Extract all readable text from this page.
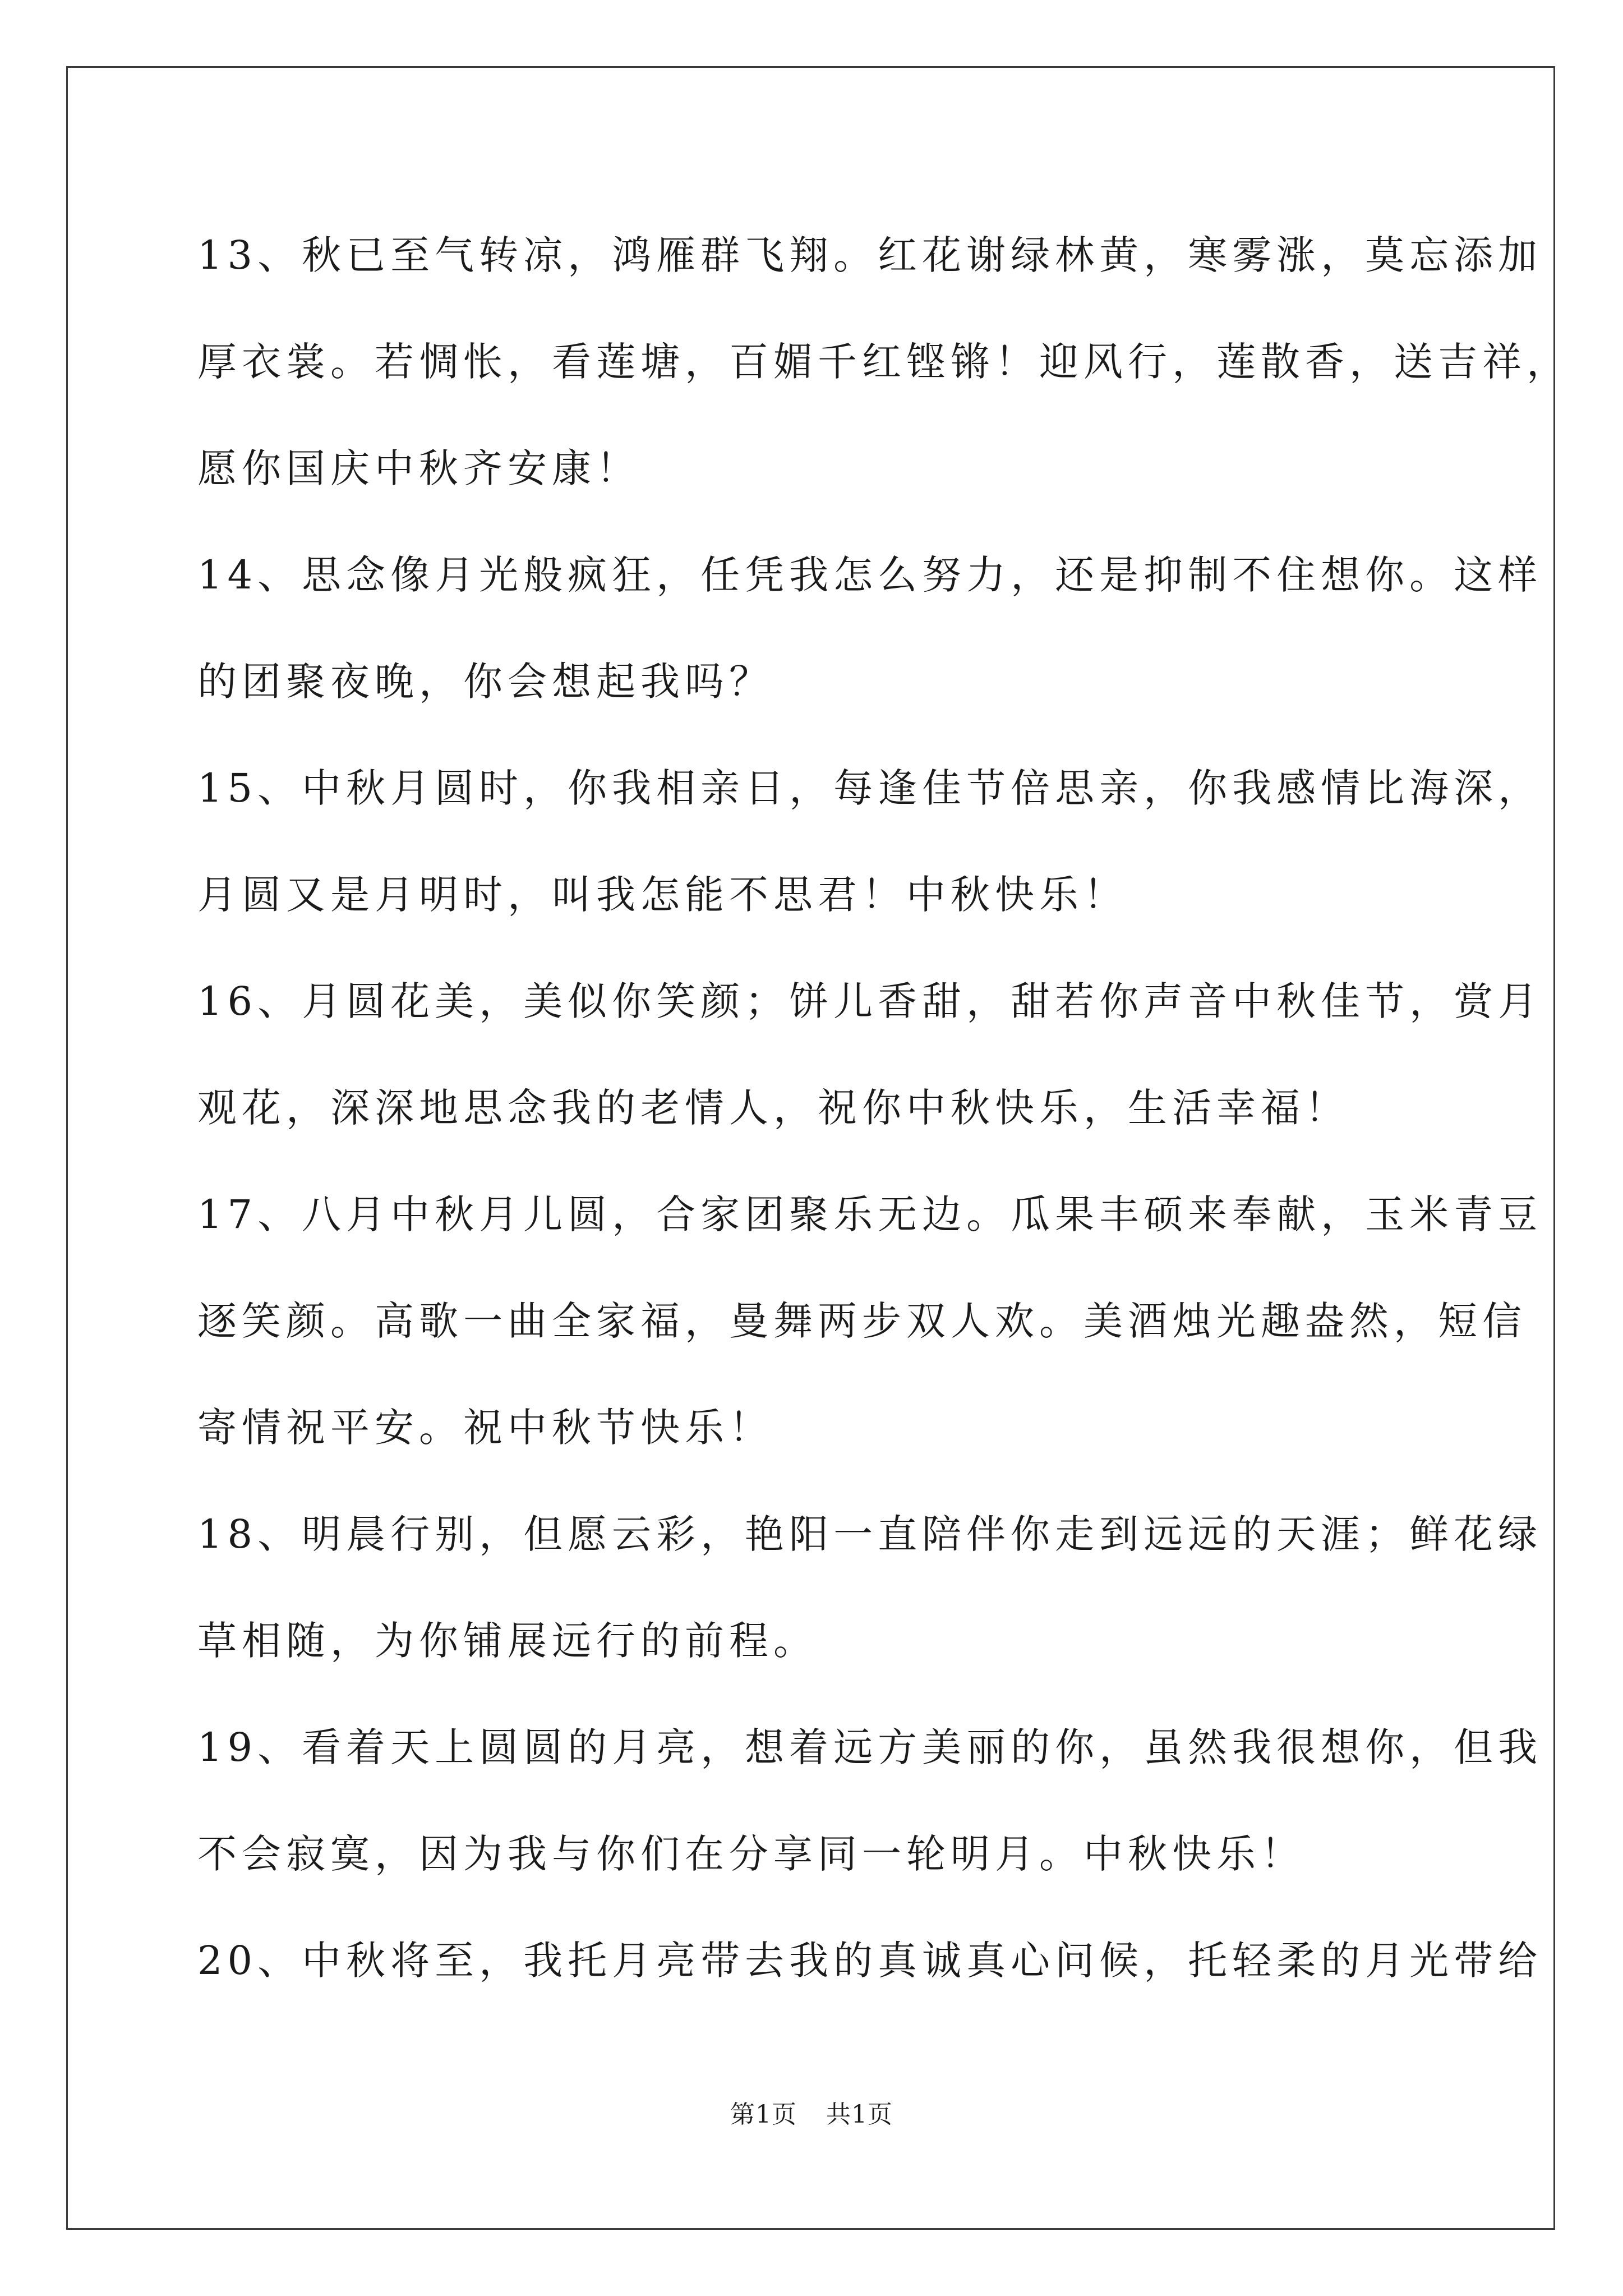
13、秋已至气转凉，鸿雁群飞翔。红花谢绿林黄，寒雾涨，莫忘添加
厚衣裳。若惆怅，看莲塘，百媚千红铿锵！迎风行，莲散香，送吉祥，
愿你国庆中秋齐安康！
14、思念像月光般疯狂，任凭我怎么努力，还是抑制不住想你。这样
的团聚夜晚，你会想起我吗？
15、中秋月圆时，你我相亲日，每逢佳节倍思亲，你我感情比海深，
月圆又是月明时，叫我怎能不思君！中秋快乐！
16、月圆花美，美似你笑颜；饼儿香甜，甜若你声音中秋佳节，赏月
观花，深深地思念我的老情人，祝你中秋快乐，生活幸福！
17、八月中秋月儿圆，合家团聚乐无边。瓜果丰硕来奉献，玉米青豆
逐笑颜。高歌一曲全家福，曼舞两步双人欢。美酒烛光趣盎然，短信
寄情祝平安。祝中秋节快乐！
18、明晨行别，但愿云彩，艳阳一直陪伴你走到远远的天涯；鲜花绿
草相随，为你铺展远行的前程。
19、看着天上圆圆的月亮，想着远方美丽的你，虽然我很想你，但我
不会寂寞，因为我与你们在分享同一轮明月。中秋快乐！
20、中秋将至，我托月亮带去我的真诚真心问候，托轻柔的月光带给
第1页 共1页
